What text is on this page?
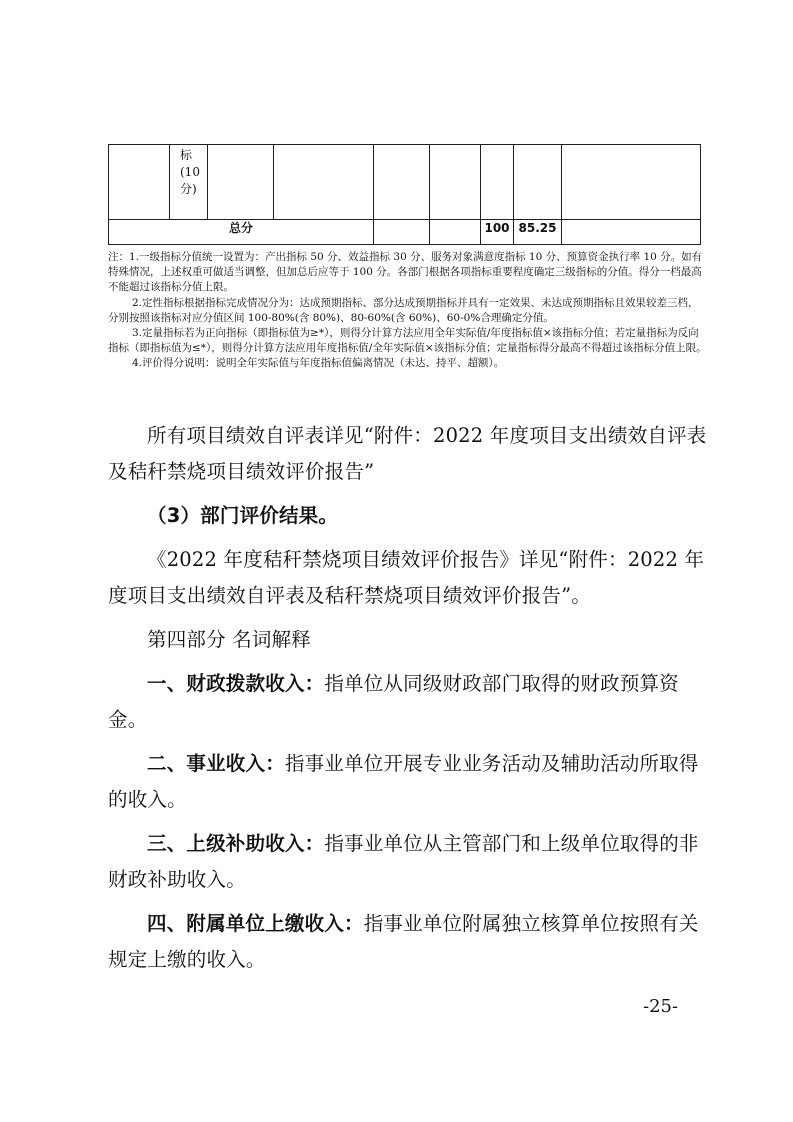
	标
(10
分)							
总分						100	85.25	

注：1.一级指标分值统一设置为：产出指标 50 分、效益指标 30 分、服务对象满意度指标 10 分、预算资金执行率 10 分。如有特殊情况，上述权重可做适当调整，但加总后应等于 100 分。各部门根据各项指标重要程度确定三级指标的分值。得分一档最高不能超过该指标分值上限。

2.定性指标根据指标完成情况分为：达成预期指标、部分达成预期指标并具有一定效果、未达成预期指标且效果较差三档，分别按照该指标对应分值区间 100-80%(含 80%)、80-60%(含 60%)、60-0%合理确定分值。

3.定量指标若为正向指标（即指标值为≥*），则得分计算方法应用全年实际值/年度指标值×该指标分值；若定量指标为反向指标（即指标值为≤*），则得分计算方法应用年度指标值/全年实际值×该指标分值；定量指标得分最高不得超过该指标分值上限。

4.评价得分说明：说明全年实际值与年度指标值偏离情况（未达、持平、超额）。

所有项目绩效自评表详见“附件：2022 年度项目支出绩效自评表及秸秆禁烧项目绩效评价报告”

（3）部门评价结果。

《2022 年度秸秆禁烧项目绩效评价报告》详见“附件：2022 年度项目支出绩效自评表及秸秆禁烧项目绩效评价报告”。

第四部分 名词解释

一、财政拨款收入：指单位从同级财政部门取得的财政预算资金。

二、事业收入：指事业单位开展专业业务活动及辅助活动所取得的收入。

三、上级补助收入：指事业单位从主管部门和上级单位取得的非财政补助收入。

四、附属单位上缴收入：指事业单位附属独立核算单位按照有关规定上缴的收入。

-25-
